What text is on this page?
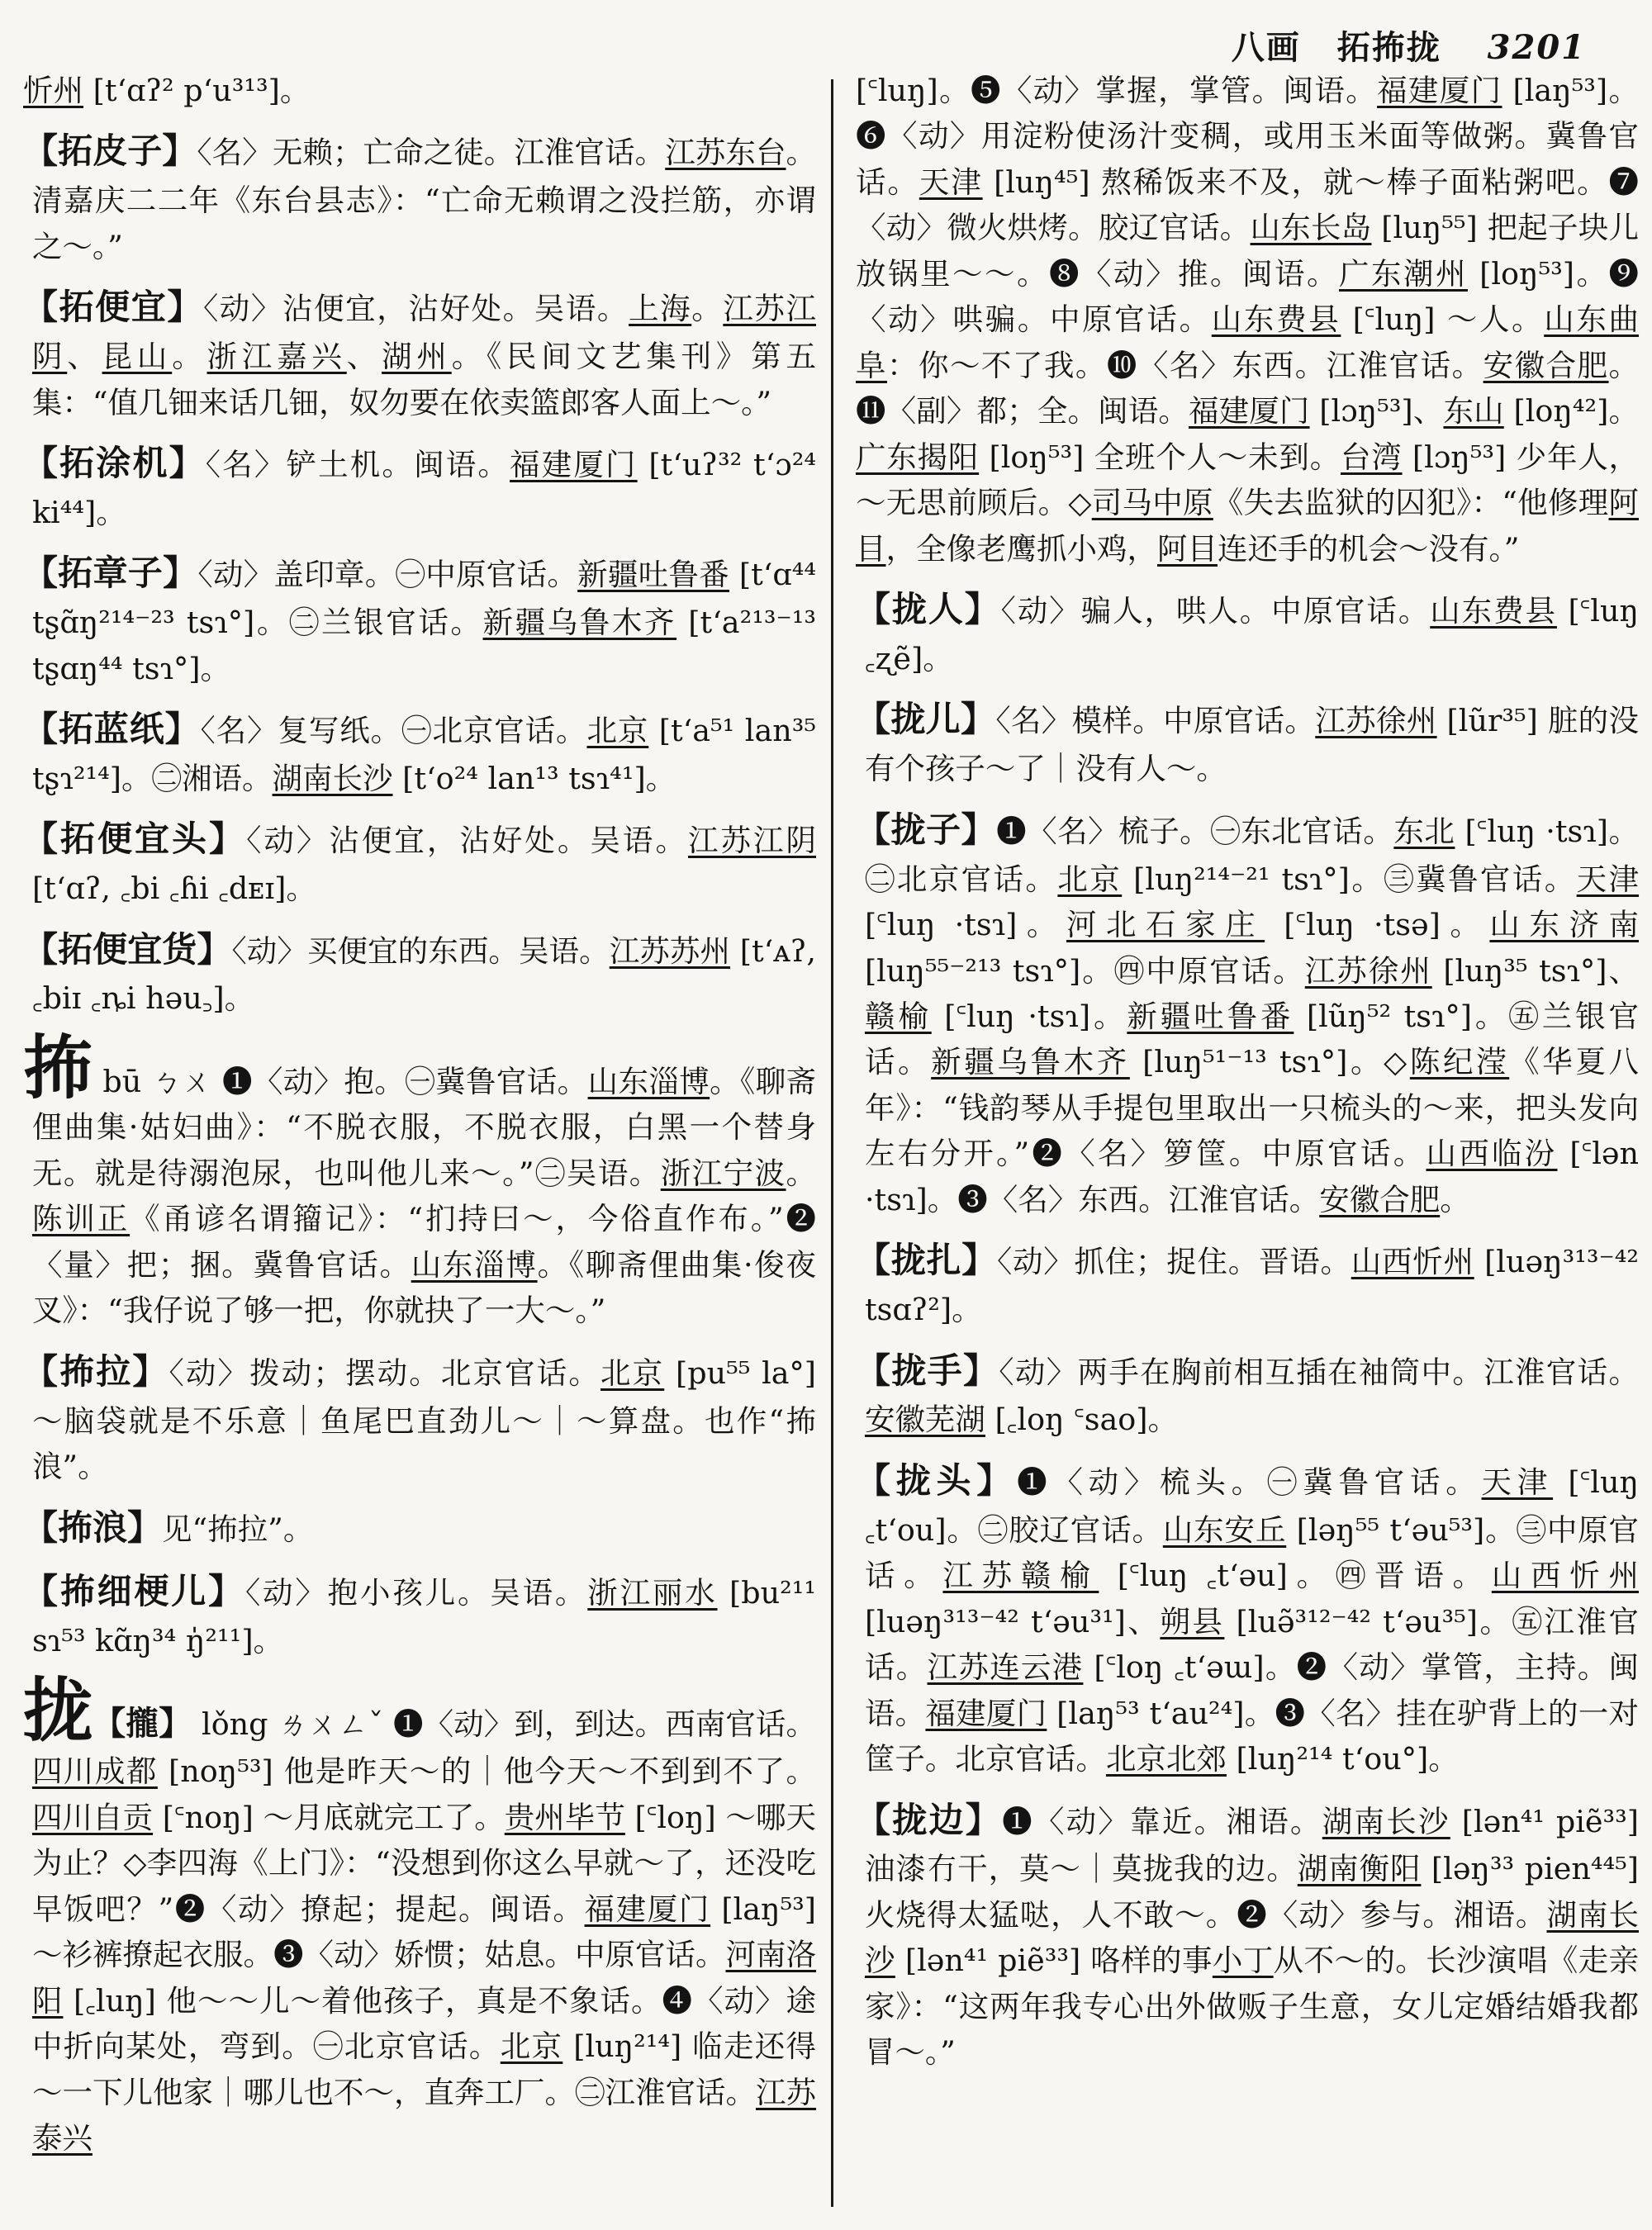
八画 拓抪拢 3201

忻州 [tʻɑʔ² pʻu³¹³]。

【拓皮子】〈名〉无赖；亡命之徒。江淮官话。江苏东台。清嘉庆二二年《东台县志》：“亡命无赖谓之没拦筋，亦谓之～。”

【拓便宜】〈动〉沾便宜，沾好处。吴语。上海。江苏江阴、昆山。浙江嘉兴、湖州。《民间文艺集刊》第五集：“值几钿来话几钿，奴勿要在依卖篮郎客人面上～。”

【拓涂机】〈名〉铲土机。闽语。福建厦门 [tʻuʔ³² tʻɔ²⁴ ki⁴⁴]。

【拓章子】〈动〉盖印章。㊀中原官话。新疆吐鲁番 [tʻɑ⁴⁴ tʂɑ̃ŋ²¹⁴⁻²³ tsɿ°]。㊁兰银官话。新疆乌鲁木齐 [tʻa²¹³⁻¹³ tʂɑŋ⁴⁴ tsɿ°]。

【拓蓝纸】〈名〉复写纸。㊀北京官话。北京 [tʻa⁵¹ lan³⁵ tʂɿ²¹⁴]。㊁湘语。湖南长沙 [tʻo²⁴ lan¹³ tsɿ⁴¹]。

【拓便宜头】〈动〉沾便宜，沾好处。吴语。江苏江阴 [tʻɑʔ, ꜀bi ꜀ɦi ꜀dᴇɪ]。

【拓便宜货】〈动〉买便宜的东西。吴语。江苏苏州 [tʻᴀʔ, ꜀biɪ ꜀ȵi həu꜆]。

抪 bū ㄅㄨ ❶〈动〉抱。㊀冀鲁官话。山东淄博。《聊斋俚曲集·姑妇曲》：“不脱衣服，不脱衣服，白黑一个替身无。就是待溺泡尿，也叫他儿来～。”㊁吴语。浙江宁波。陈训正《甬谚名谓籀记》：“扪持曰～，今俗直作布。”❷〈量〉把；捆。冀鲁官话。山东淄博。《聊斋俚曲集·俊夜叉》：“我仔说了够一把，你就抉了一大～。”

【抪拉】〈动〉拨动；摆动。北京官话。北京 [pu⁵⁵ la°] ～脑袋就是不乐意｜鱼尾巴直劲儿～｜～算盘。也作“抪浪”。

【抪浪】见“抪拉”。

【抪细梗儿】〈动〉抱小孩儿。吴语。浙江丽水 [bu²¹¹ sɿ⁵³ kɑ̃ŋ³⁴ ŋ̍²¹¹]。

拢【攏】 lǒng ㄌㄨㄥˇ ❶〈动〉到，到达。西南官话。四川成都 [noŋ⁵³] 他是昨天～的｜他今天～不到到不了。四川自贡 [꜂noŋ] ～月底就完工了。贵州毕节 [꜂loŋ] ～哪天为止？◇李四海《上门》：“没想到你这么早就～了，还没吃早饭吧？”❷〈动〉撩起；提起。闽语。福建厦门 [laŋ⁵³] ～衫裤撩起衣服。❸〈动〉娇惯；姑息。中原官话。河南洛阳 [꜀luŋ] 他～～儿～着他孩子，真是不象话。❹〈动〉途中折向某处，弯到。㊀北京官话。北京 [luŋ²¹⁴] 临走还得～一下儿他家｜哪儿也不～，直奔工厂。㊁江淮官话。江苏泰兴

[꜂luŋ]。❺〈动〉掌握，掌管。闽语。福建厦门 [laŋ⁵³]。❻〈动〉用淀粉使汤汁变稠，或用玉米面等做粥。冀鲁官话。天津 [luŋ⁴⁵] 熬稀饭来不及，就～棒子面粘粥吧。❼〈动〉微火烘烤。胶辽官话。山东长岛 [luŋ⁵⁵] 把起子块儿放锅里～～。❽〈动〉推。闽语。广东潮州 [loŋ⁵³]。❾〈动〉哄骗。中原官话。山东费县 [꜂luŋ] ～人。山东曲阜：你～不了我。❿〈名〉东西。江淮官话。安徽合肥。⓫〈副〉都；全。闽语。福建厦门 [lɔŋ⁵³]、东山 [loŋ⁴²]。广东揭阳 [loŋ⁵³] 全班个人～未到。台湾 [lɔŋ⁵³] 少年人，～无思前顾后。◇司马中原《失去监狱的囚犯》：“他修理阿目，全像老鹰抓小鸡，阿目连还手的机会～没有。”

【拢人】〈动〉骗人，哄人。中原官话。山东费县 [꜂luŋ ꜀ʐẽ]。

【拢儿】〈名〉模样。中原官话。江苏徐州 [lũr³⁵] 脏的没有个孩子～了｜没有人～。

【拢子】❶〈名〉梳子。㊀东北官话。东北 [꜂luŋ ·tsɿ]。㊁北京官话。北京 [luŋ²¹⁴⁻²¹ tsɿ°]。㊂冀鲁官话。天津 [꜂luŋ ·tsɿ]。河北石家庄 [꜂luŋ ·tsə]。山东济南 [luŋ⁵⁵⁻²¹³ tsɿ°]。㊃中原官话。江苏徐州 [luŋ³⁵ tsɿ°]、赣榆 [꜂luŋ ·tsɿ]。新疆吐鲁番 [lũŋ⁵² tsɿ°]。㊄兰银官话。新疆乌鲁木齐 [luŋ⁵¹⁻¹³ tsɿ°]。◇陈纪滢《华夏八年》：“钱韵琴从手提包里取出一只梳头的～来，把头发向左右分开。”❷〈名〉箩筐。中原官话。山西临汾 [꜂lən ·tsɿ]。❸〈名〉东西。江淮官话。安徽合肥。

【拢扎】〈动〉抓住；捉住。晋语。山西忻州 [luəŋ³¹³⁻⁴² tsɑʔ²]。

【拢手】〈动〉两手在胸前相互插在袖筒中。江淮官话。安徽芜湖 [꜀loŋ ꜂sao]。

【拢头】❶〈动〉梳头。㊀冀鲁官话。天津 [꜂luŋ ꜀tʻou]。㊁胶辽官话。山东安丘 [ləŋ⁵⁵ tʻəu⁵³]。㊂中原官话。江苏赣榆 [꜂luŋ ꜀tʻəu]。㊃晋语。山西忻州 [luəŋ³¹³⁻⁴² tʻəu³¹]、朔县 [luə̃³¹²⁻⁴² tʻəu³⁵]。㊄江淮官话。江苏连云港 [꜂loŋ ꜀tʻəɯ]。❷〈动〉掌管，主持。闽语。福建厦门 [laŋ⁵³ tʻau²⁴]。❸〈名〉挂在驴背上的一对筐子。北京官话。北京北郊 [luŋ²¹⁴ tʻou°]。

【拢边】❶〈动〉靠近。湘语。湖南长沙 [lən⁴¹ piẽ³³] 油漆冇干，莫～｜莫拢我的边。湖南衡阳 [ləŋ³³ pien⁴⁴⁵] 火烧得太猛哒，人不敢～。❷〈动〉参与。湘语。湖南长沙 [lən⁴¹ piẽ³³] 咯样的事小丁从不～的。长沙演唱《走亲家》：“这两年我专心出外做贩子生意，女儿定婚结婚我都冒～。”
